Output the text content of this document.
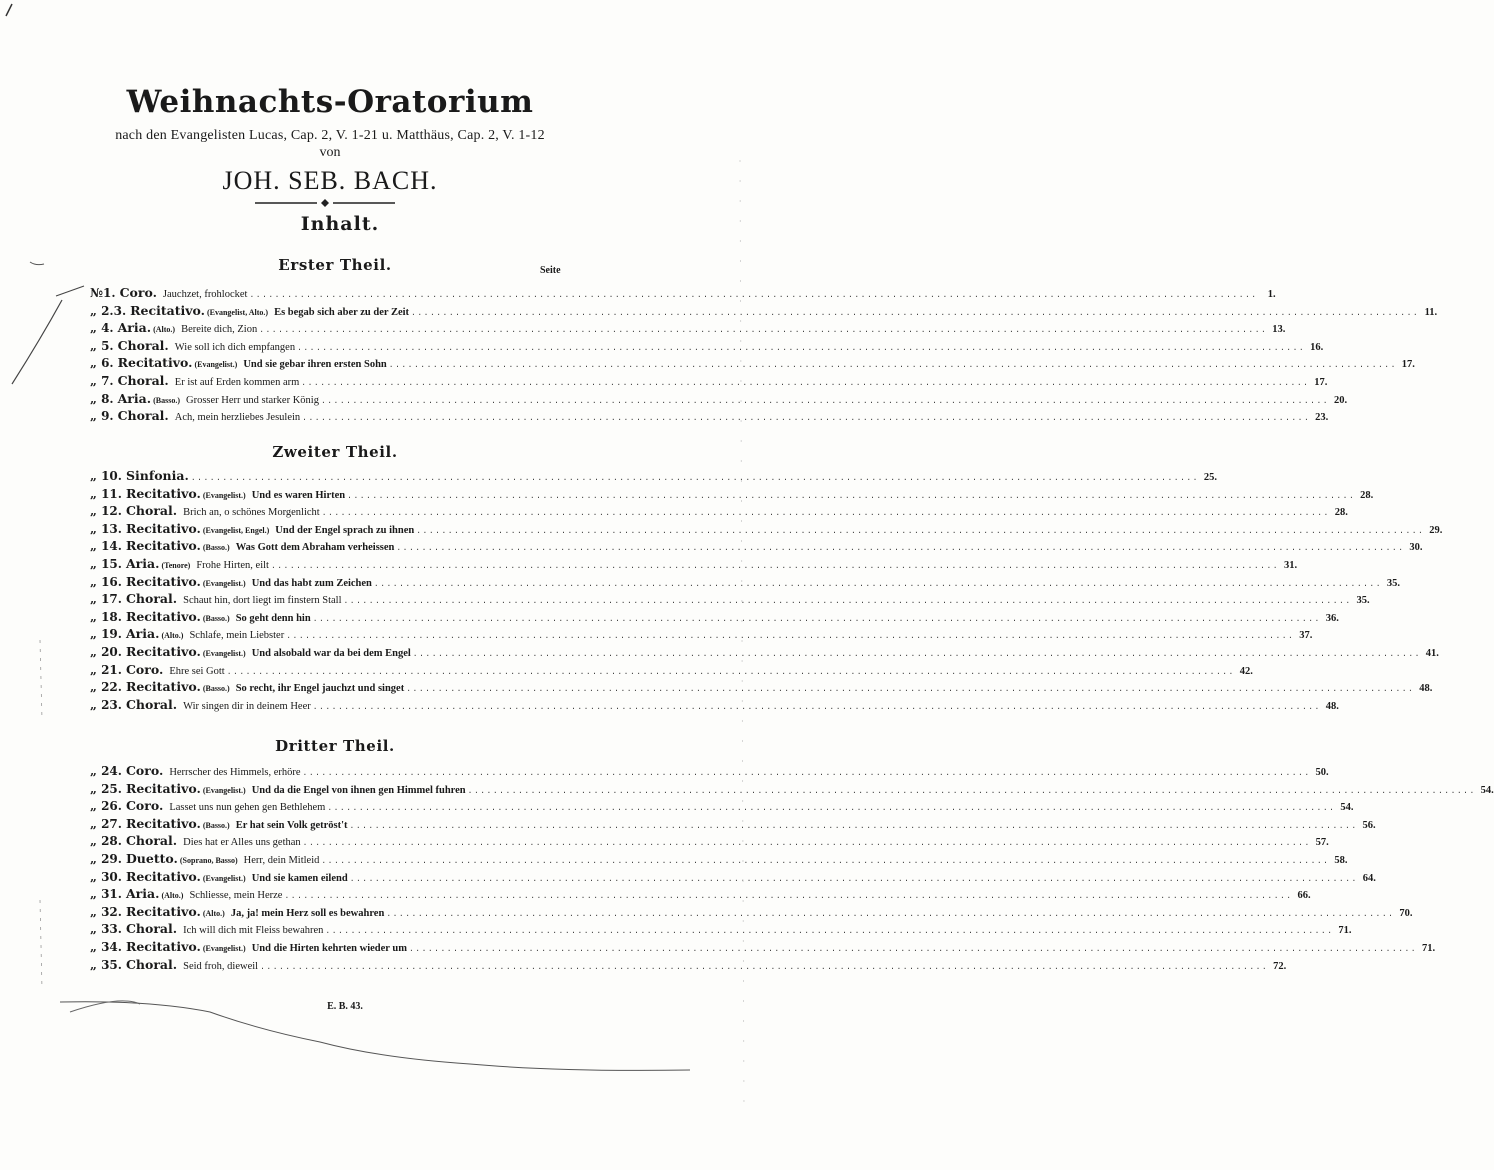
Weihnachts-Oratorium
nach den Evangelisten Lucas, Cap. 2, V. 1-21 u. Matthäus, Cap. 2, V. 1-12
von
JOH. SEB. BACH.
Inhalt.
Seite
Erster Theil.
№1. Coro. Jauchzet, frohlocket ................................................................................................................................................................ 1.
„ 2.3. Recitativo. (Evangelist, Alto.) Es begab sich aber zu der Zeit ................................................................................................................................................................ 11.
„ 4. Aria. (Alto.) Bereite dich, Zion ................................................................................................................................................................ 13.
„ 5. Choral. Wie soll ich dich empfangen ................................................................................................................................................................ 16.
„ 6. Recitativo. (Evangelist.) Und sie gebar ihren ersten Sohn ................................................................................................................................................................ 17.
„ 7. Choral. Er ist auf Erden kommen arm ................................................................................................................................................................ 17.
„ 8. Aria. (Basso.) Grosser Herr und starker König ................................................................................................................................................................ 20.
„ 9. Choral. Ach, mein herzliebes Jesulein ................................................................................................................................................................ 23.
Zweiter Theil.
„ 10. Sinfonia. ................................................................................................................................................................ 25.
„ 11. Recitativo. (Evangelist.) Und es waren Hirten ................................................................................................................................................................ 28.
„ 12. Choral. Brich an, o schönes Morgenlicht ................................................................................................................................................................ 28.
„ 13. Recitativo. (Evangelist, Engel.) Und der Engel sprach zu ihnen ................................................................................................................................................................ 29.
„ 14. Recitativo. (Basso.) Was Gott dem Abraham verheissen ................................................................................................................................................................ 30.
„ 15. Aria. (Tenore) Frohe Hirten, eilt ................................................................................................................................................................ 31.
„ 16. Recitativo. (Evangelist.) Und das habt zum Zeichen ................................................................................................................................................................ 35.
„ 17. Choral. Schaut hin, dort liegt im finstern Stall ................................................................................................................................................................ 35.
„ 18. Recitativo. (Basso.) So geht denn hin ................................................................................................................................................................ 36.
„ 19. Aria. (Alto.) Schlafe, mein Liebster ................................................................................................................................................................ 37.
„ 20. Recitativo. (Evangelist.) Und alsobald war da bei dem Engel ................................................................................................................................................................ 41.
„ 21. Coro. Ehre sei Gott ................................................................................................................................................................ 42.
„ 22. Recitativo. (Basso.) So recht, ihr Engel jauchzt und singet ................................................................................................................................................................ 48.
„ 23. Choral. Wir singen dir in deinem Heer ................................................................................................................................................................ 48.
Dritter Theil.
„ 24. Coro. Herrscher des Himmels, erhöre ................................................................................................................................................................ 50.
„ 25. Recitativo. (Evangelist.) Und da die Engel von ihnen gen Himmel fuhren ................................................................................................................................................................ 54.
„ 26. Coro. Lasset uns nun gehen gen Bethlehem ................................................................................................................................................................ 54.
„ 27. Recitativo. (Basso.) Er hat sein Volk getröst't ................................................................................................................................................................ 56.
„ 28. Choral. Dies hat er Alles uns gethan ................................................................................................................................................................ 57.
„ 29. Duetto. (Soprano, Basso) Herr, dein Mitleid ................................................................................................................................................................ 58.
„ 30. Recitativo. (Evangelist.) Und sie kamen eilend ................................................................................................................................................................ 64.
„ 31. Aria. (Alto.) Schliesse, mein Herze ................................................................................................................................................................ 66.
„ 32. Recitativo. (Alto.) Ja, ja! mein Herz soll es bewahren ................................................................................................................................................................ 70.
„ 33. Choral. Ich will dich mit Fleiss bewahren ................................................................................................................................................................ 71.
„ 34. Recitativo. (Evangelist.) Und die Hirten kehrten wieder um ................................................................................................................................................................ 71.
„ 35. Choral. Seid froh, dieweil ................................................................................................................................................................ 72.
E. B. 43.
